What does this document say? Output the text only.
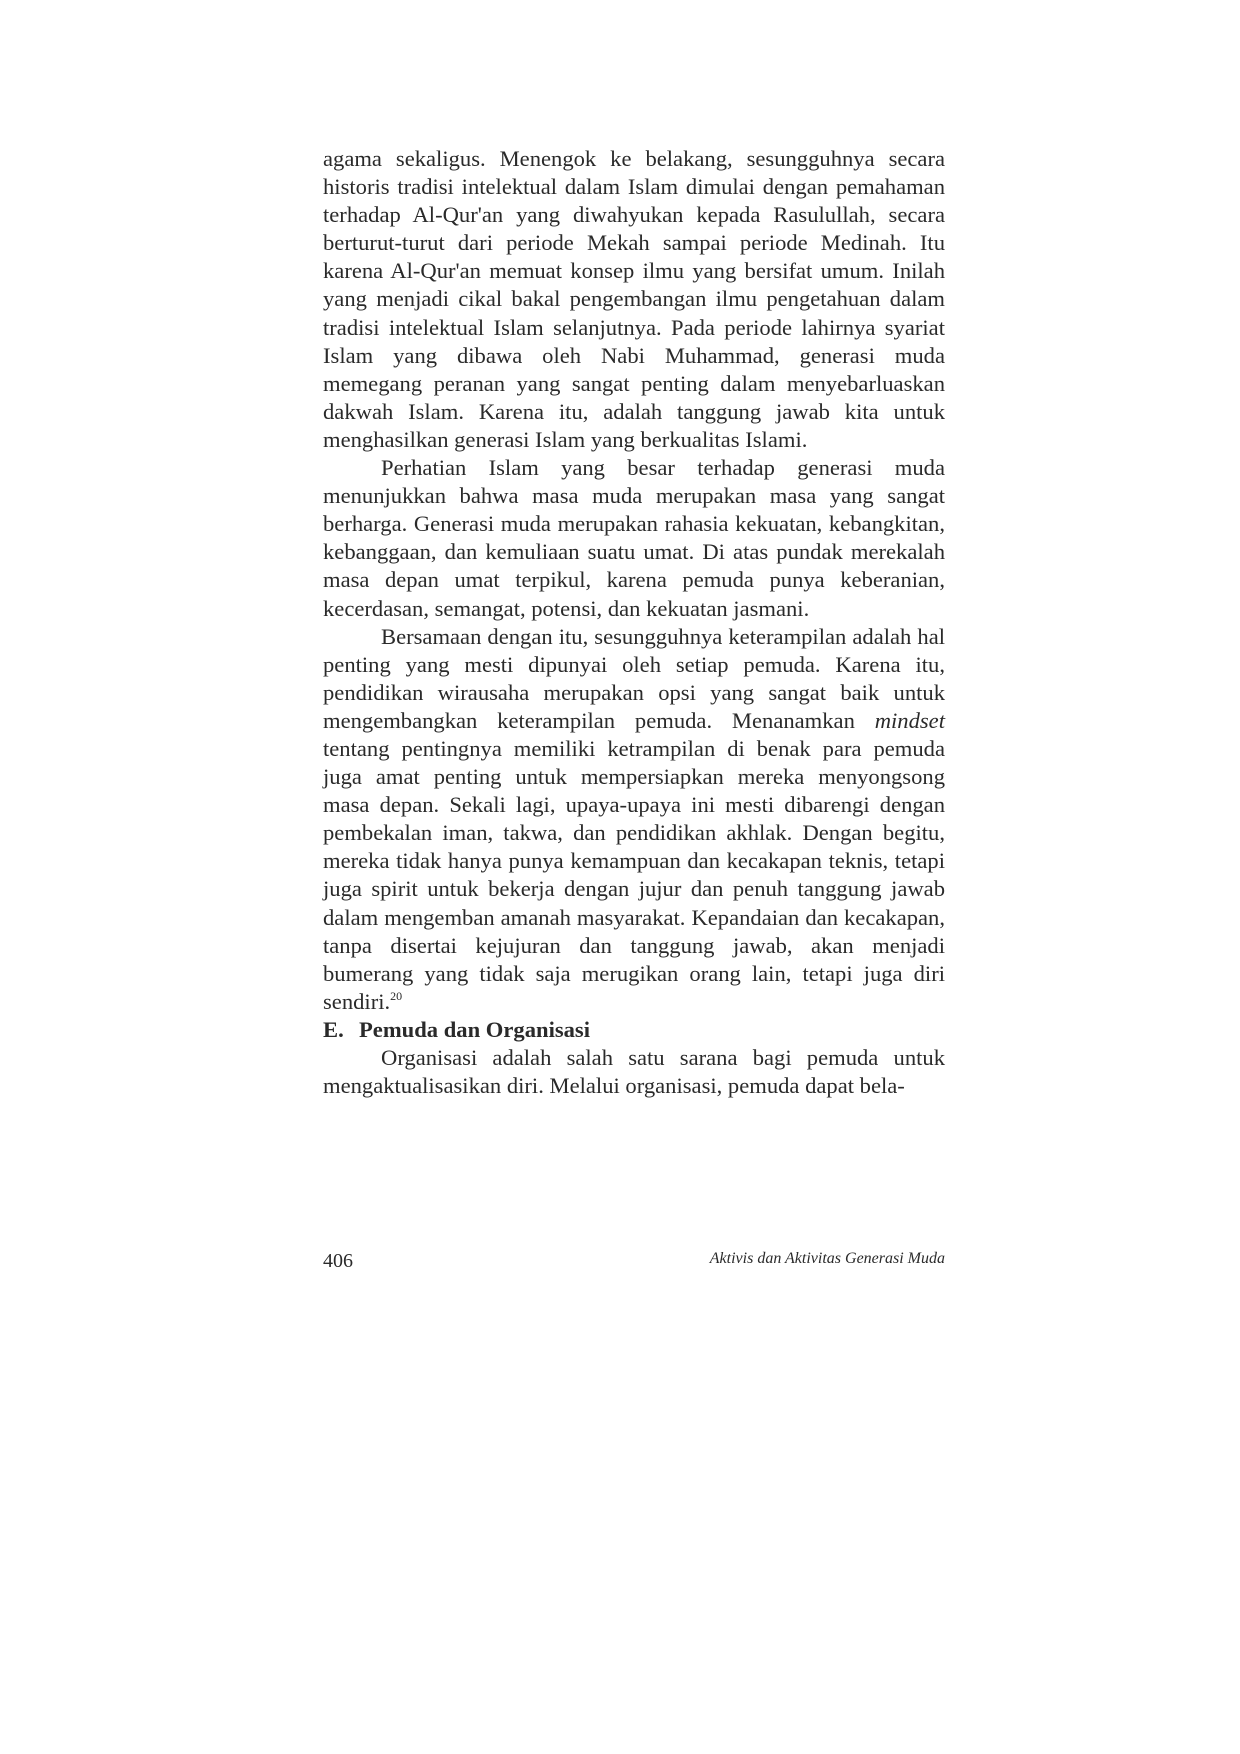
agama sekaligus. Menengok ke belakang, sesungguhnya secara historis tradisi intelektual dalam Islam dimulai dengan pemahaman terhadap Al-Qur'an yang diwahyukan kepada Rasulullah, secara berturut-turut dari periode Mekah sampai periode Medinah. Itu karena Al-Qur'an memuat konsep ilmu yang bersifat umum. Inilah yang menjadi cikal bakal pengembangan ilmu pengetahuan dalam tradisi intelektual Islam selanjutnya. Pada periode lahirnya syariat Islam yang dibawa oleh Nabi Muhammad, generasi muda memegang peranan yang sangat penting dalam menyebarluaskan dakwah Islam. Karena itu, adalah tanggung jawab kita untuk menghasilkan generasi Islam yang berkualitas Islami.

Perhatian Islam yang besar terhadap generasi muda menunjukkan bahwa masa muda merupakan masa yang sangat berharga. Generasi muda merupakan rahasia kekuatan, kebangkitan, kebanggaan, dan kemuliaan suatu umat. Di atas pundak merekalah masa depan umat terpikul, karena pemuda punya keberanian, kecerdasan, semangat, potensi, dan kekuatan jasmani.

Bersamaan dengan itu, sesungguhnya keterampilan adalah hal penting yang mesti dipunyai oleh setiap pemuda. Karena itu, pendidikan wirausaha merupakan opsi yang sangat baik untuk mengembangkan keterampilan pemuda. Menanamkan mindset tentang pentingnya memiliki ketrampilan di benak para pemuda juga amat penting untuk mempersiapkan mereka menyongsong masa depan. Sekali lagi, upaya-upaya ini mesti dibarengi dengan pembekalan iman, takwa, dan pendidikan akhlak. Dengan begitu, mereka tidak hanya punya kemampuan dan kecakapan teknis, tetapi juga spirit untuk bekerja dengan jujur dan penuh tanggung jawab dalam mengemban amanah masyarakat. Kepandaian dan kecakapan, tanpa disertai kejujuran dan tanggung jawab, akan menjadi bumerang yang tidak saja merugikan orang lain, tetapi juga diri sendiri.$^{20}$

E. Pemuda dan Organisasi

Organisasi adalah salah satu sarana bagi pemuda untuk mengaktualisasikan diri. Melalui organisasi, pemuda dapat bela-

406	Aktivis dan Aktivitas Generasi Muda
